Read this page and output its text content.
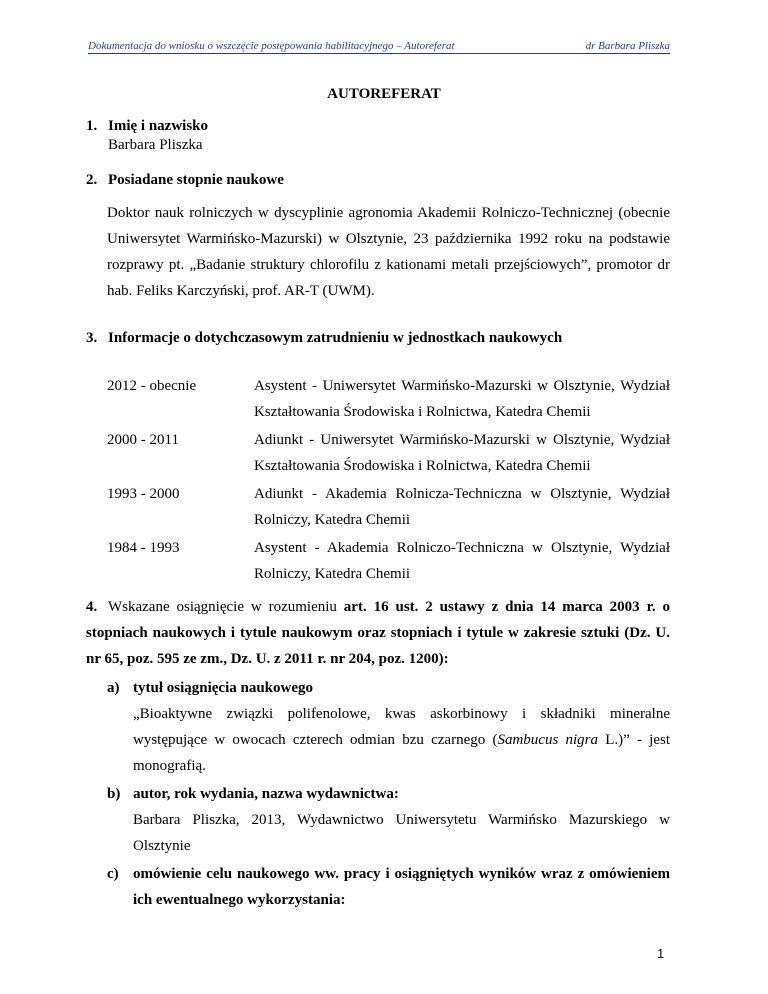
Dokumentacja do wniosku o wszczęcie postępowania habilitacyjnego – Autoreferat	dr Barbara Pliszka
AUTOREFERAT
1. Imię i nazwisko
Barbara Pliszka
2. Posiadane stopnie naukowe

Doktor nauk rolniczych w dyscyplinie agronomia Akademii Rolniczo-Technicznej (obecnie Uniwersytet Warmińsko-Mazurski) w Olsztynie, 23 października 1992 roku na podstawie rozprawy pt. „Badanie struktury chlorofilu z kationami metali przejściowych”, promotor dr hab. Feliks Karczyński, prof. AR-T (UWM).

3. Informacje o dotychczasowym zatrudnieniu w jednostkach naukowych
2012 - obecnie	Asystent - Uniwersytet Warmińsko-Mazurski w Olsztynie, Wydział Kształtowania Środowiska i Rolnictwa, Katedra Chemii
2000 - 2011	Adiunkt - Uniwersytet Warmińsko-Mazurski w Olsztynie, Wydział Kształtowania Środowiska i Rolnictwa, Katedra Chemii
1993 - 2000	Adiunkt - Akademia Rolnicza-Techniczna w Olsztynie, Wydział Rolniczy, Katedra Chemii
1984 - 1993	Asystent - Akademia Rolniczo-Techniczna w Olsztynie, Wydział Rolniczy, Katedra Chemii
4. Wskazane osiągnięcie w rozumieniu art. 16 ust. 2 ustawy z dnia 14 marca 2003 r. o stopniach naukowych i tytule naukowym oraz stopniach i tytule w zakresie sztuki (Dz. U. nr 65, poz. 595 ze zm., Dz. U. z 2011 r. nr 204, poz. 1200):
a) tytuł osiągnięcia naukowego
„Bioaktywne związki polifenolowe, kwas askorbinowy i składniki mineralne występujące w owocach czterech odmian bzu czarnego (Sambucus nigra L.)” - jest monografią.
b) autor, rok wydania, nazwa wydawnictwa:
Barbara Pliszka, 2013, Wydawnictwo Uniwersytetu Warmińsko Mazurskiego w Olsztynie
c) omówienie celu naukowego ww. pracy i osiągniętych wyników wraz z omówieniem ich ewentualnego wykorzystania:
1
